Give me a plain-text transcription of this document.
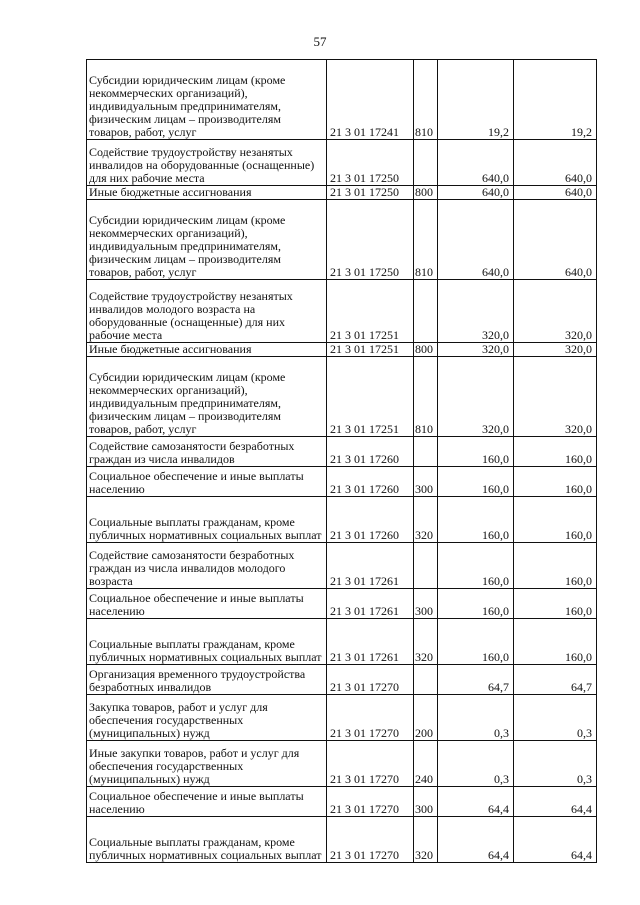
57
Субсидии юридическим лицам (кроме некоммерческих организаций), индивидуальным предпринимателям, физическим лицам – производителям товаров, работ, услуг	21 3 01 17241	810	19,2	19,2
Содействие трудоустройству незанятых инвалидов на оборудованные (оснащенные) для них рабочие места	21 3 01 17250		640,0	640,0
Иные бюджетные ассигнования	21 3 01 17250	800	640,0	640,0
Субсидии юридическим лицам (кроме некоммерческих организаций), индивидуальным предпринимателям, физическим лицам – производителям товаров, работ, услуг	21 3 01 17250	810	640,0	640,0
Содействие трудоустройству незанятых инвалидов молодого возраста на оборудованные (оснащенные) для них рабочие места	21 3 01 17251		320,0	320,0
Иные бюджетные ассигнования	21 3 01 17251	800	320,0	320,0
Субсидии юридическим лицам (кроме некоммерческих организаций), индивидуальным предпринимателям, физическим лицам – производителям товаров, работ, услуг	21 3 01 17251	810	320,0	320,0
Содействие самозанятости безработных граждан из числа инвалидов	21 3 01 17260		160,0	160,0
Социальное обеспечение и иные выплаты населению	21 3 01 17260	300	160,0	160,0
Социальные выплаты гражданам, кроме публичных нормативных социальных выплат	21 3 01 17260	320	160,0	160,0
Содействие самозанятости безработных граждан из числа инвалидов молодого возраста	21 3 01 17261		160,0	160,0
Социальное обеспечение и иные выплаты населению	21 3 01 17261	300	160,0	160,0
Социальные выплаты гражданам, кроме публичных нормативных социальных выплат	21 3 01 17261	320	160,0	160,0
Организация временного трудоустройства безработных инвалидов	21 3 01 17270		64,7	64,7
Закупка товаров, работ и услуг для обеспечения государственных (муниципальных) нужд	21 3 01 17270	200	0,3	0,3
Иные закупки товаров, работ и услуг для обеспечения государственных (муниципальных) нужд	21 3 01 17270	240	0,3	0,3
Социальное обеспечение и иные выплаты населению	21 3 01 17270	300	64,4	64,4
Социальные выплаты гражданам, кроме публичных нормативных социальных выплат	21 3 01 17270	320	64,4	64,4
